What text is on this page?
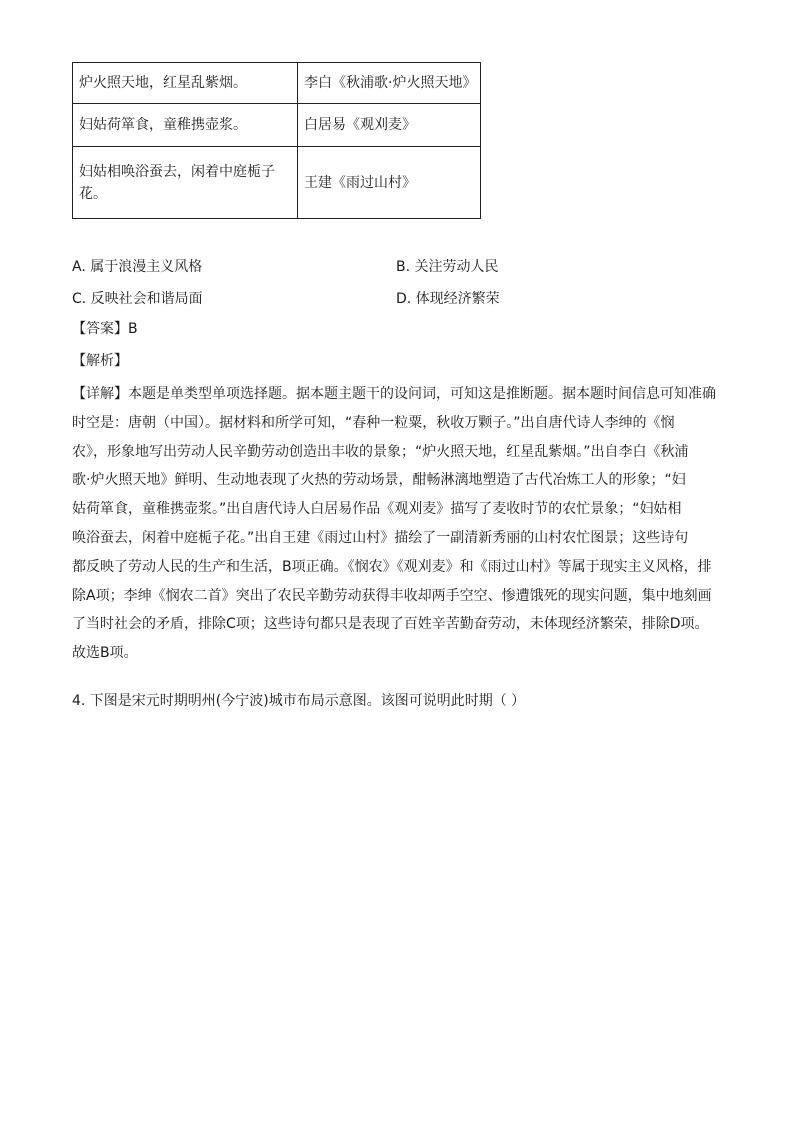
炉火照天地，红星乱紫烟。	李白《秋浦歌·炉火照天地》
妇姑荷箪食，童稚携壶浆。	白居易《观刈麦》
妇姑相唤浴蚕去，闲着中庭栀子花。	王建《雨过山村》
A. 属于浪漫主义风格	B. 关注劳动人民
C. 反映社会和谐局面	D. 体现经济繁荣
【答案】B
【解析】
【详解】本题是单类型单项选择题。据本题主题干的设问词，可知这是推断题。据本题时间信息可知准确
时空是：唐朝（中国）。据材料和所学可知，“春种一粒粟，秋收万颗子。”出自唐代诗人李绅的《悯
农》，形象地写出劳动人民辛勤劳动创造出丰收的景象；“炉火照天地，红星乱紫烟。”出自李白《秋浦
歌·炉火照天地》鲜明、生动地表现了火热的劳动场景，酣畅淋漓地塑造了古代冶炼工人的形象；“妇
姑荷箪食，童稚携壶浆。”出自唐代诗人白居易作品《观刈麦》描写了麦收时节的农忙景象；“妇姑相
唤浴蚕去，闲着中庭栀子花。”出自王建《雨过山村》描绘了一副清新秀丽的山村农忙图景；这些诗句
都反映了劳动人民的生产和生活，B项正确。《悯农》《观刈麦》和《雨过山村》等属于现实主义风格，排
除A项；李绅《悯农二首》突出了农民辛勤劳动获得丰收却两手空空、惨遭饿死的现实问题，集中地刻画
了当时社会的矛盾，排除C项；这些诗句都只是表现了百姓辛苦勤奋劳动，未体现经济繁荣，排除D项。
故选B项。
4. 下图是宋元时期明州(今宁波)城市布局示意图。该图可说明此时期（ ）
